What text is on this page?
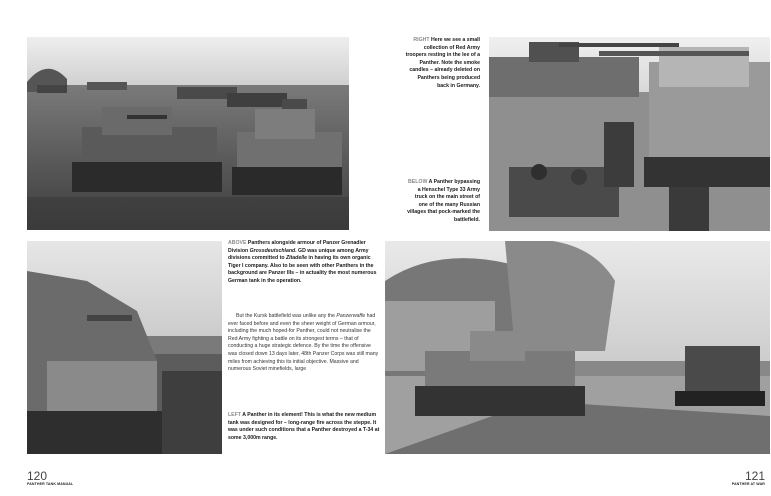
RIGHT Here we see a small collection of Red Army troopers resting in the lee of a Panther. Note the smoke candles – already deleted on Panthers being produced back in Germany.
BELOW A Panther bypassing a Henschel Type 33 Army truck on the main street of one of the many Russian villages that pock-marked the battlefield.
ABOVE Panthers alongside armour of Panzer Grenadier Division Grossdeutschland. GD was unique among Army divisions committed to Zitadelle in having its own organic Tiger I company. Also to be seen with other Panthers in the background are Panzer IIIs – in actuality the most numerous German tank in the operation.
But the Kursk battlefield was unlike any the Panzerwaffe had ever faced before and even the sheer weight of German armour, including the much hoped-for Panther, could not neutralise the Red Army fighting a battle on its strongest terms – that of conducting a huge strategic defence. By the time the offensive was closed down 13 days later, 48th Panzer Corps was still many miles from achieving this its initial objective. Massive and numerous Soviet minefields, large
LEFT A Panther in its element! This is what the new medium tank was designed for – long-range fire across the steppe. It was under such conditions that a Panther destroyed a T-34 at some 3,000m range.
120
PANTHER TANK MANUAL
121
PANTHER AT WAR
